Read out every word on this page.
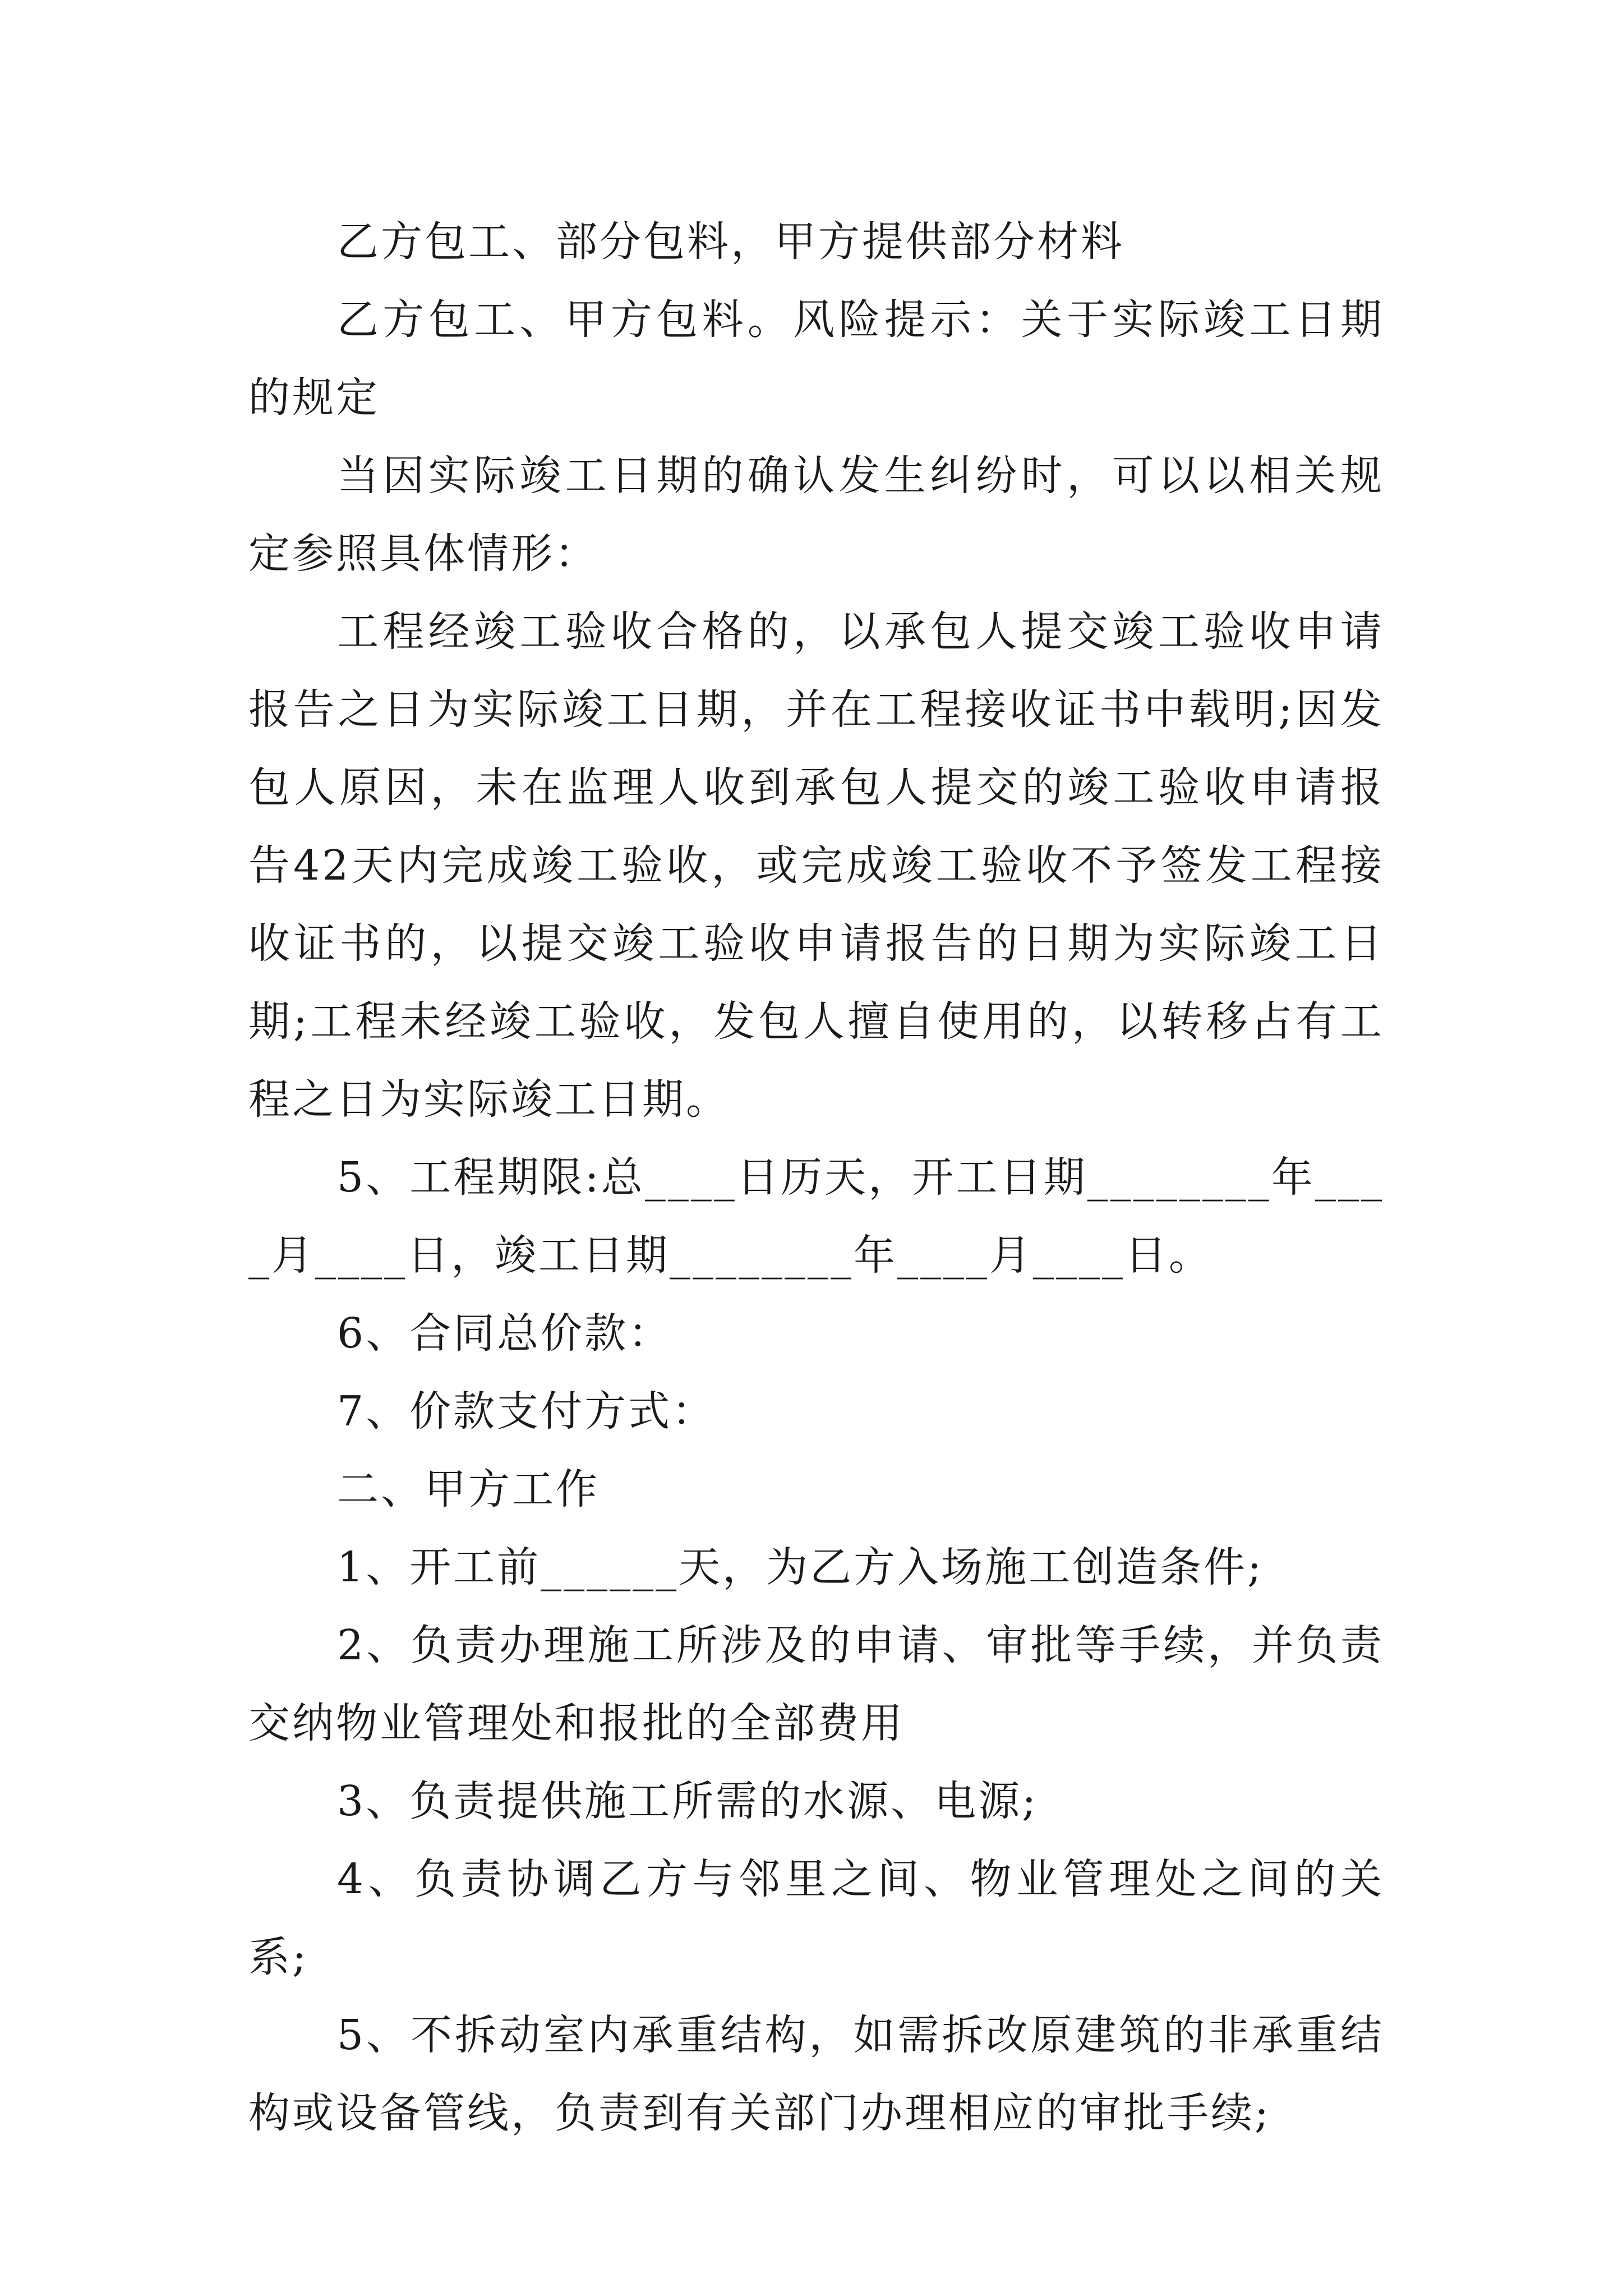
乙方包工、部分包料，甲方提供部分材料

乙方包工、甲方包料。风险提示：关于实际竣工日期的规定

当因实际竣工日期的确认发生纠纷时，可以以相关规定参照具体情形：

工程经竣工验收合格的，以承包人提交竣工验收申请报告之日为实际竣工日期，并在工程接收证书中载明;因发包人原因，未在监理人收到承包人提交的竣工验收申请报告42天内完成竣工验收，或完成竣工验收不予签发工程接收证书的，以提交竣工验收申请报告的日期为实际竣工日期;工程未经竣工验收，发包人擅自使用的，以转移占有工程之日为实际竣工日期。

5、工程期限:总____日历天，开工日期________年____月____日，竣工日期________年____月____日。

6、合同总价款：

7、价款支付方式：

二、甲方工作

1、开工前______天，为乙方入场施工创造条件;

2、负责办理施工所涉及的申请、审批等手续，并负责交纳物业管理处和报批的全部费用

3、负责提供施工所需的水源、电源;

4、负责协调乙方与邻里之间、物业管理处之间的关系;

5、不拆动室内承重结构，如需拆改原建筑的非承重结构或设备管线，负责到有关部门办理相应的审批手续;
